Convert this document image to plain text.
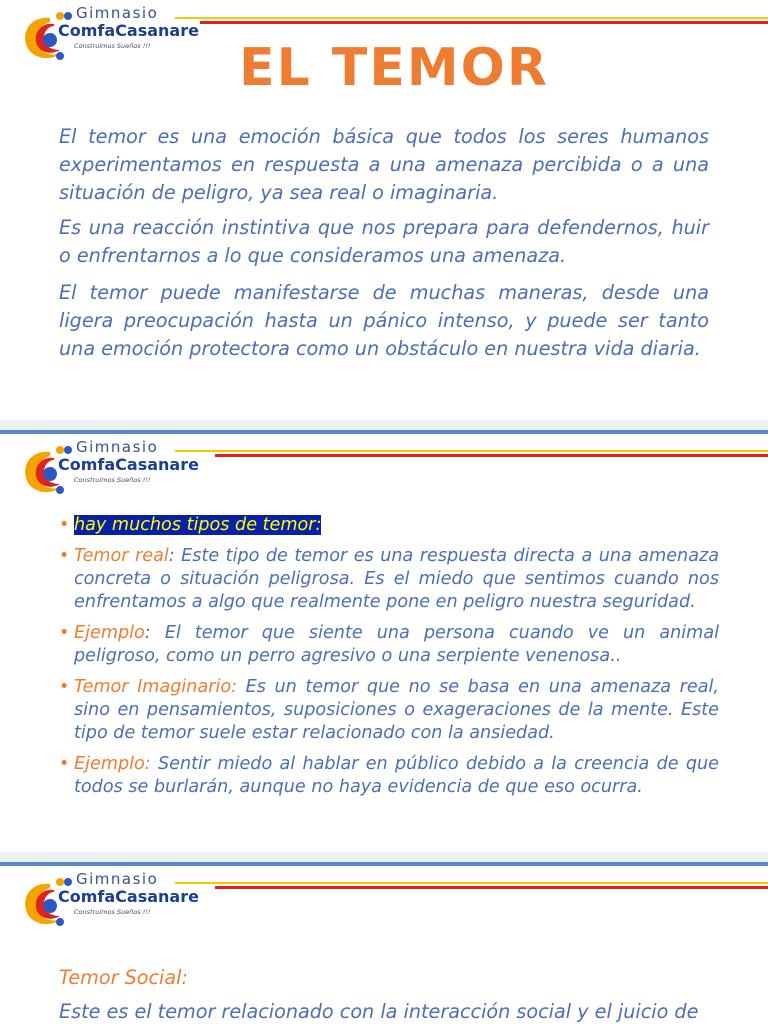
Gimnasio
ComfaCasanare
Construimos Sueños !!!	EL TEMOR

El temor es una emoción básica que todos los seres humanos experimentamos en respuesta a una amenaza percibida o a una situación de peligro, ya sea real o imaginaria.

Es una reacción instintiva que nos prepara para defendernos, huir o enfrentarnos a lo que consideramos una amenaza.

El temor puede manifestarse de muchas maneras, desde una ligera preocupación hasta un pánico intenso, y puede ser tanto una emoción protectora como un obstáculo en nuestra vida diaria.

Gimnasio
ComfaCasanare
Construimos Sueños !!!
• hay muchos tipos de temor:
• Temor real: Este tipo de temor es una respuesta directa a una amenaza concreta o situación peligrosa. Es el miedo que sentimos cuando nos enfrentamos a algo que realmente pone en peligro nuestra seguridad.
• Ejemplo: El temor que siente una persona cuando ve un animal peligroso, como un perro agresivo o una serpiente venenosa..
• Temor Imaginario: Es un temor que no se basa en una amenaza real, sino en pensamientos, suposiciones o exageraciones de la mente. Este tipo de temor suele estar relacionado con la ansiedad.
• Ejemplo: Sentir miedo al hablar en público debido a la creencia de que todos se burlarán, aunque no haya evidencia de que eso ocurra.
Gimnasio
ComfaCasanare
Construimos Sueños !!!
Temor Social:
Este es el temor relacionado con la interacción social y el juicio de
